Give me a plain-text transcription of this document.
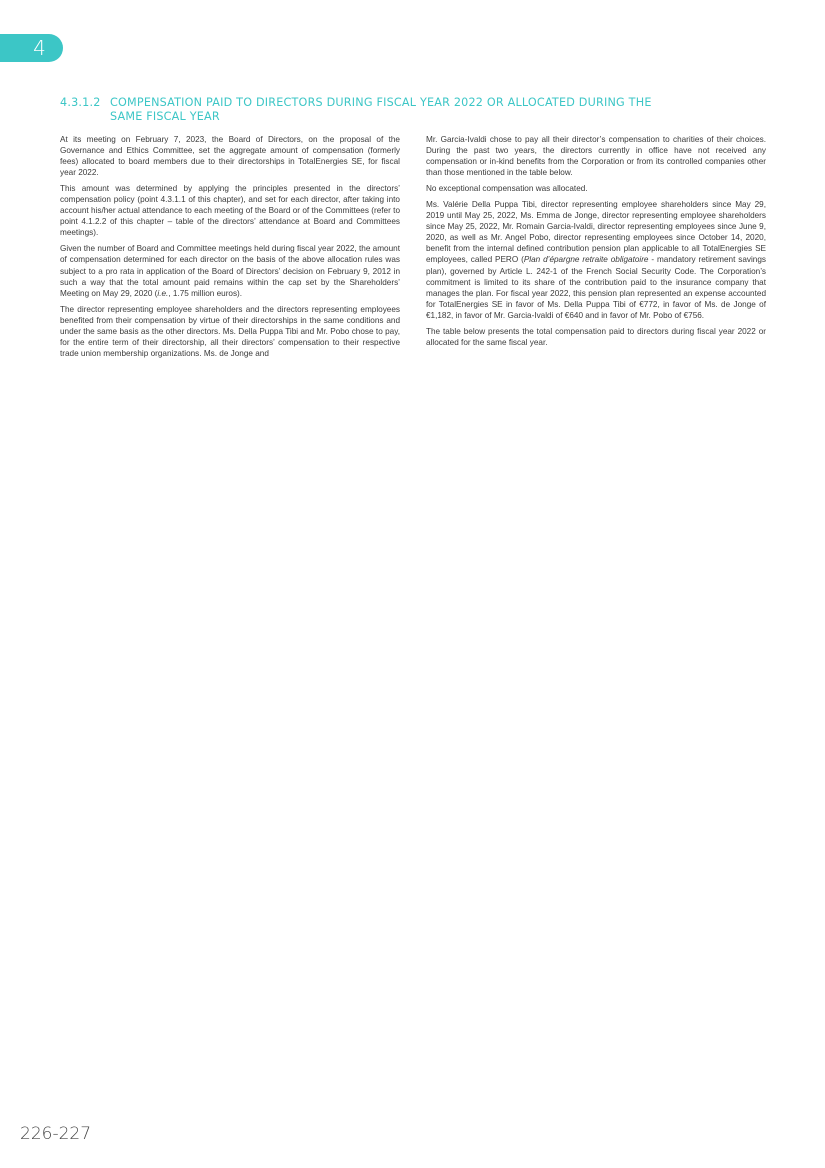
4
4.3.1.2 COMPENSATION PAID TO DIRECTORS DURING FISCAL YEAR 2022 OR ALLOCATED DURING THE
SAME FISCAL YEAR

At its meeting on February 7, 2023, the Board of Directors, on the proposal of the Governance and Ethics Committee, set the aggregate amount of compensation (formerly fees) allocated to board members due to their directorships in TotalEnergies SE, for fiscal year 2022.

This amount was determined by applying the principles presented in the directors’ compensation policy (point 4.3.1.1 of this chapter), and set for each director, after taking into account his/her actual attendance to each meeting of the Board or of the Committees (refer to point 4.1.2.2 of this chapter – table of the directors’ attendance at Board and Committees meetings).

Given the number of Board and Committee meetings held during fiscal year 2022, the amount of compensation determined for each director on the basis of the above allocation rules was subject to a pro rata in application of the Board of Directors’ decision on February 9, 2012 in such a way that the total amount paid remains within the cap set by the Shareholders’ Meeting on May 29, 2020 (i.e., 1.75 million euros).

The director representing employee shareholders and the directors representing employees benefited from their compensation by virtue of their directorships in the same conditions and under the same basis as the other directors. Ms. Della Puppa Tibi and Mr. Pobo chose to pay, for the entire term of their directorship, all their directors’ compensation to their respective trade union membership organizations. Ms. de Jonge and

Mr. Garcia-Ivaldi chose to pay all their director’s compensation to charities of their choices. During the past two years, the directors currently in office have not received any compensation or in-kind benefits from the Corporation or from its controlled companies other than those mentioned in the table below.

No exceptional compensation was allocated.

Ms. Valérie Della Puppa Tibi, director representing employee shareholders since May 29, 2019 until May 25, 2022, Ms. Emma de Jonge, director representing employee shareholders since May 25, 2022, Mr. Romain Garcia-Ivaldi, director representing employees since June 9, 2020, as well as Mr. Angel Pobo, director representing employees since October 14, 2020, benefit from the internal defined contribution pension plan applicable to all TotalEnergies SE employees, called PERO (Plan d’épargne retraite obligatoire - mandatory retirement savings plan), governed by Article L. 242-1 of the French Social Security Code. The Corporation’s commitment is limited to its share of the contribution paid to the insurance company that manages the plan. For fiscal year 2022, this pension plan represented an expense accounted for TotalEnergies SE in favor of Ms. Della Puppa Tibi of €772, in favor of Ms. de Jonge of €1,182, in favor of Mr. Garcia-Ivaldi of €640 and in favor of Mr. Pobo of €756.

The table below presents the total compensation paid to directors during fiscal year 2022 or allocated for the same fiscal year.

226-227
